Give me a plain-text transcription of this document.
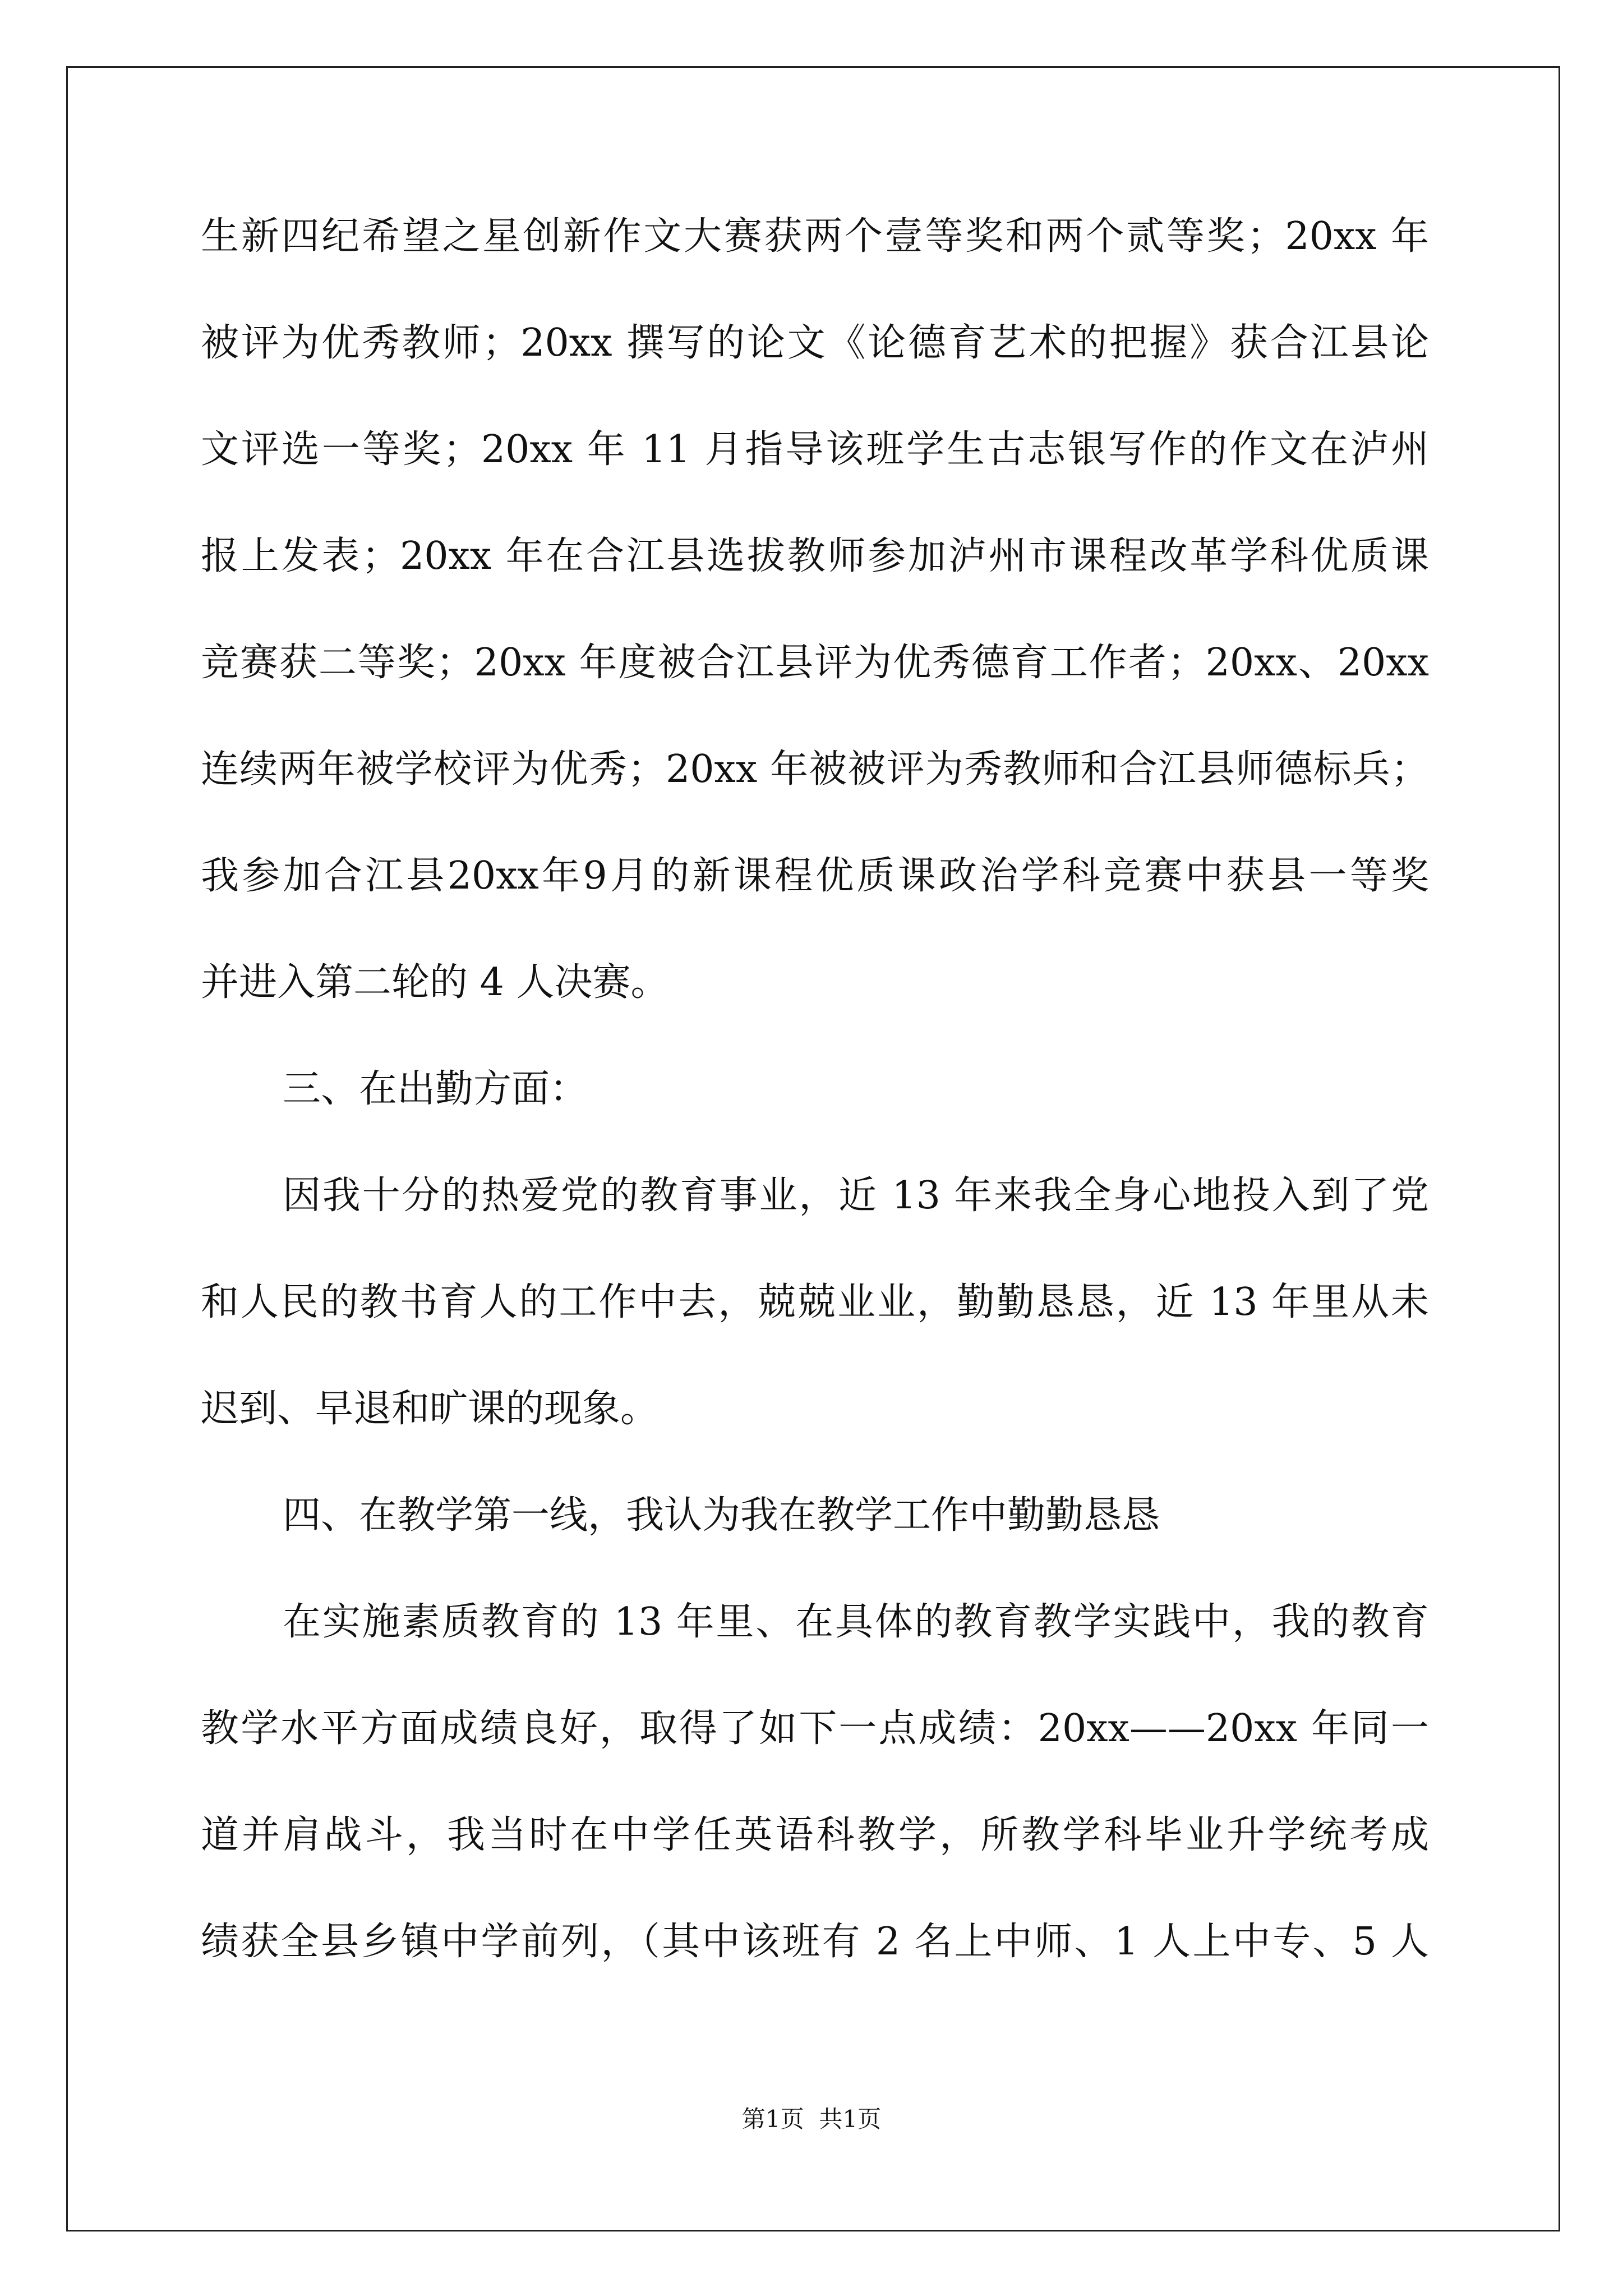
生新四纪希望之星创新作文大赛获两个壹等奖和两个贰等奖；20xx 年
被评为优秀教师；20xx 撰写的论文《论德育艺术的把握》获合江县论
文评选一等奖；20xx 年 11 月指导该班学生古志银写作的作文在泸州
报上发表；20xx 年在合江县选拔教师参加泸州市课程改革学科优质课
竞赛获二等奖；20xx 年度被合江县评为优秀德育工作者；20xx、20xx
连续两年被学校评为优秀；20xx 年被被评为秀教师和合江县师德标兵；
我参加合江县20xx年9月的新课程优质课政治学科竞赛中获县一等奖
并进入第二轮的 4 人决赛。
三、在出勤方面：
因我十分的热爱党的教育事业，近 13 年来我全身心地投入到了党
和人民的教书育人的工作中去，兢兢业业，勤勤恳恳，近 13 年里从未
迟到、早退和旷课的现象。
四、在教学第一线，我认为我在教学工作中勤勤恳恳
在实施素质教育的 13 年里、在具体的教育教学实践中，我的教育
教学水平方面成绩良好，取得了如下一点成绩：20xx——20xx 年同一
道并肩战斗，我当时在中学任英语科教学，所教学科毕业升学统考成
绩获全县乡镇中学前列，（其中该班有 2 名上中师、1 人上中专、5 人
第1页  共1页
